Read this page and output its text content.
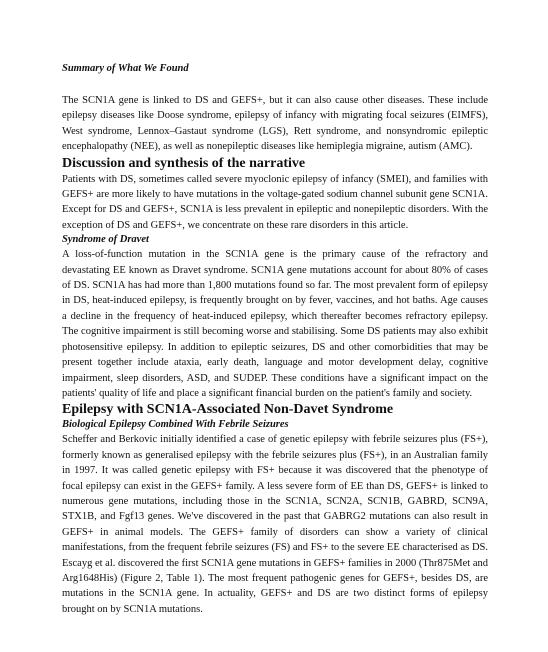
Summary of What We Found

The SCN1A gene is linked to DS and GEFS+, but it can also cause other diseases. These include epilepsy diseases like Doose syndrome, epilepsy of infancy with migrating focal seizures (EIMFS), West syndrome, Lennox–Gastaut syndrome (LGS), Rett syndrome, and nonsyndromic epileptic encephalopathy (NEE), as well as nonepileptic diseases like hemiplegia migraine, autism (AMC).

Discussion and synthesis of the narrative

Patients with DS, sometimes called severe myoclonic epilepsy of infancy (SMEI), and families with GEFS+ are more likely to have mutations in the voltage-gated sodium channel subunit gene SCN1A. Except for DS and GEFS+, SCN1A is less prevalent in epileptic and nonepileptic disorders. With the exception of DS and GEFS+, we concentrate on these rare disorders in this article.

Syndrome of Dravet

A loss-of-function mutation in the SCN1A gene is the primary cause of the refractory and devastating EE known as Dravet syndrome. SCN1A gene mutations account for about 80% of cases of DS. SCN1A has had more than 1,800 mutations found so far. The most prevalent form of epilepsy in DS, heat-induced epilepsy, is frequently brought on by fever, vaccines, and hot baths. Age causes a decline in the frequency of heat-induced epilepsy, which thereafter becomes refractory epilepsy. The cognitive impairment is still becoming worse and stabilising. Some DS patients may also exhibit photosensitive epilepsy. In addition to epileptic seizures, DS and other comorbidities that may be present together include ataxia, early death, language and motor development delay, cognitive impairment, sleep disorders, ASD, and SUDEP. These conditions have a significant impact on the patients' quality of life and place a significant financial burden on the patient's family and society.

Epilepsy with SCN1A-Associated Non-Davet Syndrome

Biological Epilepsy Combined With Febrile Seizures

Scheffer and Berkovic initially identified a case of genetic epilepsy with febrile seizures plus (FS+), formerly known as generalised epilepsy with the febrile seizures plus (FS+), in an Australian family in 1997. It was called genetic epilepsy with FS+ because it was discovered that the phenotype of focal epilepsy can exist in the GEFS+ family. A less severe form of EE than DS, GEFS+ is linked to numerous gene mutations, including those in the SCN1A, SCN2A, SCN1B, GABRD, SCN9A, STX1B, and Fgf13 genes. We've discovered in the past that GABRG2 mutations can also result in GEFS+ in animal models. The GEFS+ family of disorders can show a variety of clinical manifestations, from the frequent febrile seizures (FS) and FS+ to the severe EE characterised as DS. Escayg et al. discovered the first SCN1A gene mutations in GEFS+ families in 2000 (Thr875Met and Arg1648His) (Figure 2, Table 1). The most frequent pathogenic genes for GEFS+, besides DS, are mutations in the SCN1A gene. In actuality, GEFS+ and DS are two distinct forms of epilepsy brought on by SCN1A mutations.
